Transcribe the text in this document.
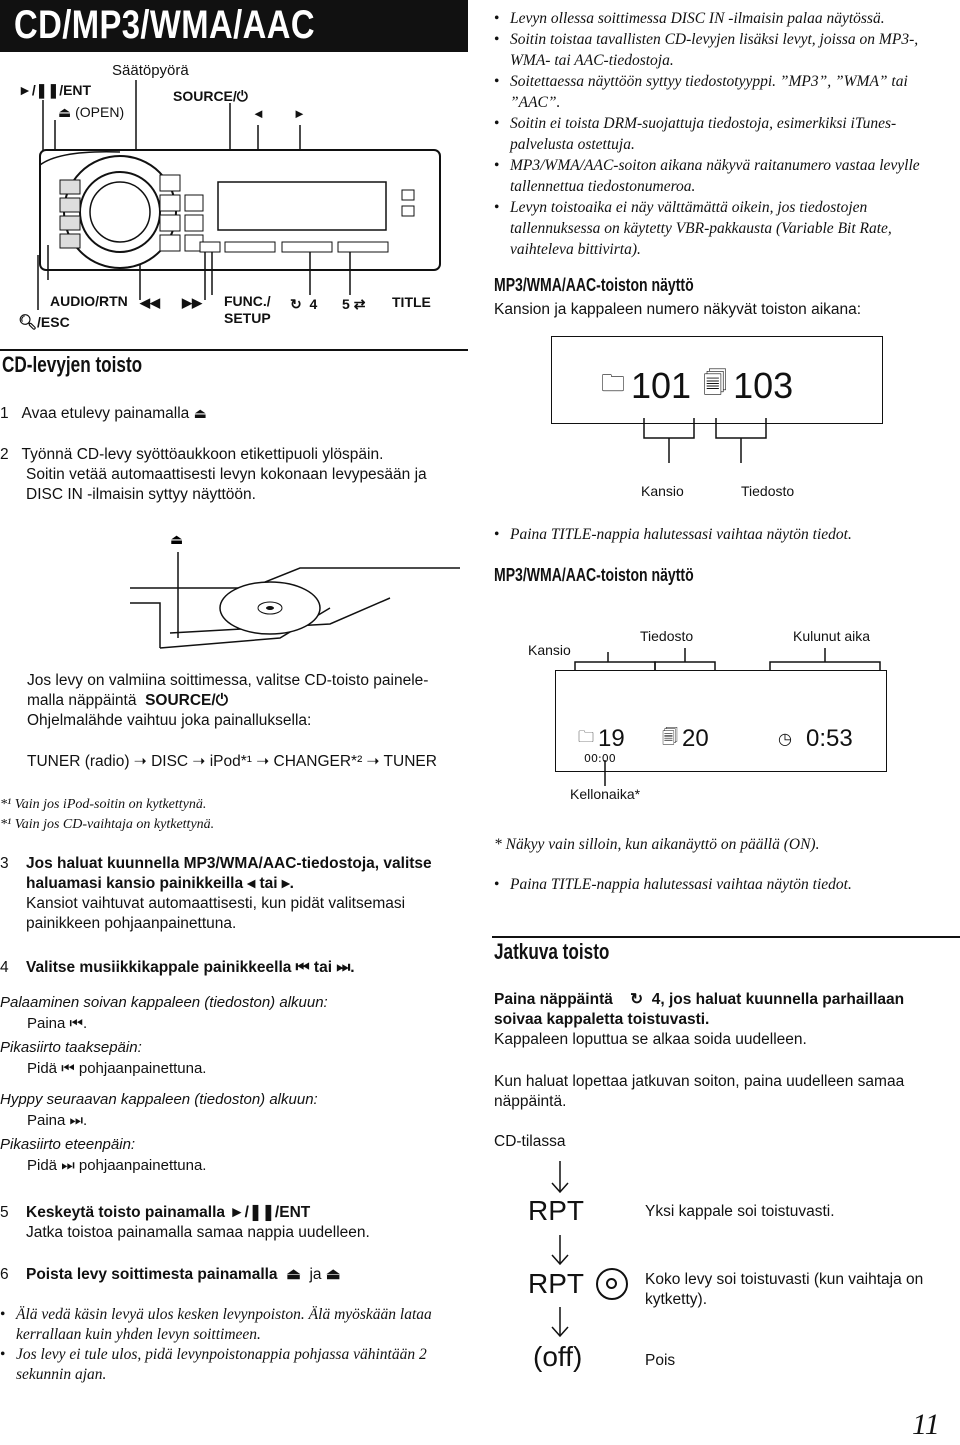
CD/MP3/WMA/AAC
►/❚❚/ENT
⏏ (OPEN)
Säätöpyörä
SOURCE/⏻
◄ ►
AUDIO/RTN
🔍︎/ESC
◀◀ ▶▶ FUNC./
SETUP
↻ 4 5 ⇄ TITLE
CD-levyjen toisto
1 Avaa etulevy painamalla ⏏
2 Työnnä CD-levy syöttöaukkoon etikettipuoli ylöspäin.
Soitin vetää automaattisesti levyn kokonaan levypesään ja DISC IN -ilmaisin syttyy näyttöön.
⏏
Jos levy on valmiina soittimessa, valitse CD-toisto painele-
malla näppäintä SOURCE/⏻
Ohjelmalähde vaihtuu joka painalluksella:
TUNER (radio) ➝ DISC ➝ iPod*¹ ➝ CHANGER*² ➝ TUNER
*¹ Vain jos iPod-soitin on kytkettynä.
*¹ Vain jos CD-vaihtaja on kytkettynä.
3	Jos haluat kuunnella MP3/WMA/AAC-tiedostoja, valitse haluamasi kansio painikkeilla ◂ tai ▸.
Kansiot vaihtuvat automaattisesti, kun pidät valitsemasi painikkeen pohjaanpainettuna.
4	Valitse musiikkikappale painikkeella ⏮ tai ⏭.
Palaaminen soivan kappaleen (tiedoston) alkuun:
Paina ⏮.
Pikasiirto taaksepäin:
Pidä ⏮ pohjaanpainettuna.
Hyppy seuraavan kappaleen (tiedoston) alkuun:
Paina ⏭.
Pikasiirto eteenpäin:
Pidä ⏭ pohjaanpainettuna.
5	Keskeytä toisto painamalla ►/❚❚/ENT
Jatka toistoa painamalla samaa nappia uudelleen.
6	Poista levy soittimesta painamalla
⏏
ja
⏏
• Älä vedä käsin levyä ulos kesken levynpoiston. Älä myöskään lataa kerrallaan kuin yhden levyn soittimeen.
• Jos levy ei tule ulos, pidä levynpoistonappia pohjassa vähintään 2 sekunnin ajan.
• Levyn ollessa soittimessa DISC IN -ilmaisin palaa näytössä.
• Soitin toistaa tavallisten CD-levyjen lisäksi levyt, joissa on MP3-, WMA- tai AAC-tiedostoja.
• Soitettaessa näyttöön syttyy tiedostotyyppi. ”MP3”, ”WMA” tai ”AAC”.
• Soitin ei toista DRM-suojattuja tiedostoja, esimerkiksi iTunes-palvelusta ostettuja.
• MP3/WMA/AAC-soiton aikana näkyvä raitanumero vastaa levylle tallennettua tiedostonumeroa.
• Levyn toistoaika ei näy välttämättä oikein, jos tiedostojen tallennuksessa on käytetty VBR-pakkausta (Variable Bit Rate, vaihteleva bittivirta).
MP3/WMA/AAC-toiston näyttö
Kansion ja kappaleen numero näkyvät toiston aikana:
🗀︎ 101 🗐︎ 103
Kansio	Tiedosto
• Paina TITLE-nappia halutessasi vaihtaa näytön tiedot.
MP3/WMA/AAC-toiston näyttö
Kansio
Tiedosto	Kulunut aika
🗀︎ 19
00:00
🗐︎ 20	◷ 0:53
Kellonaika*
* Näkyy vain silloin, kun aikanäyttö on päällä (ON).
• Paina TITLE-nappia halutessasi vaihtaa näytön tiedot.
Jatkuva toisto
Paina näppäintä ↻ 4, jos haluat kuunnella parhaillaan soivaa kappaletta toistuvasti.
Kappaleen loputtua se alkaa soida uudelleen.
Kun haluat lopettaa jatkuvan soiton, paina uudelleen samaa näppäintä.
CD-tilassa
RPT	Yksi kappale soi toistuvasti.
RPT	Koko levy soi toistuvasti (kun vaihtaja on kytketty).
(off)	Pois
11
